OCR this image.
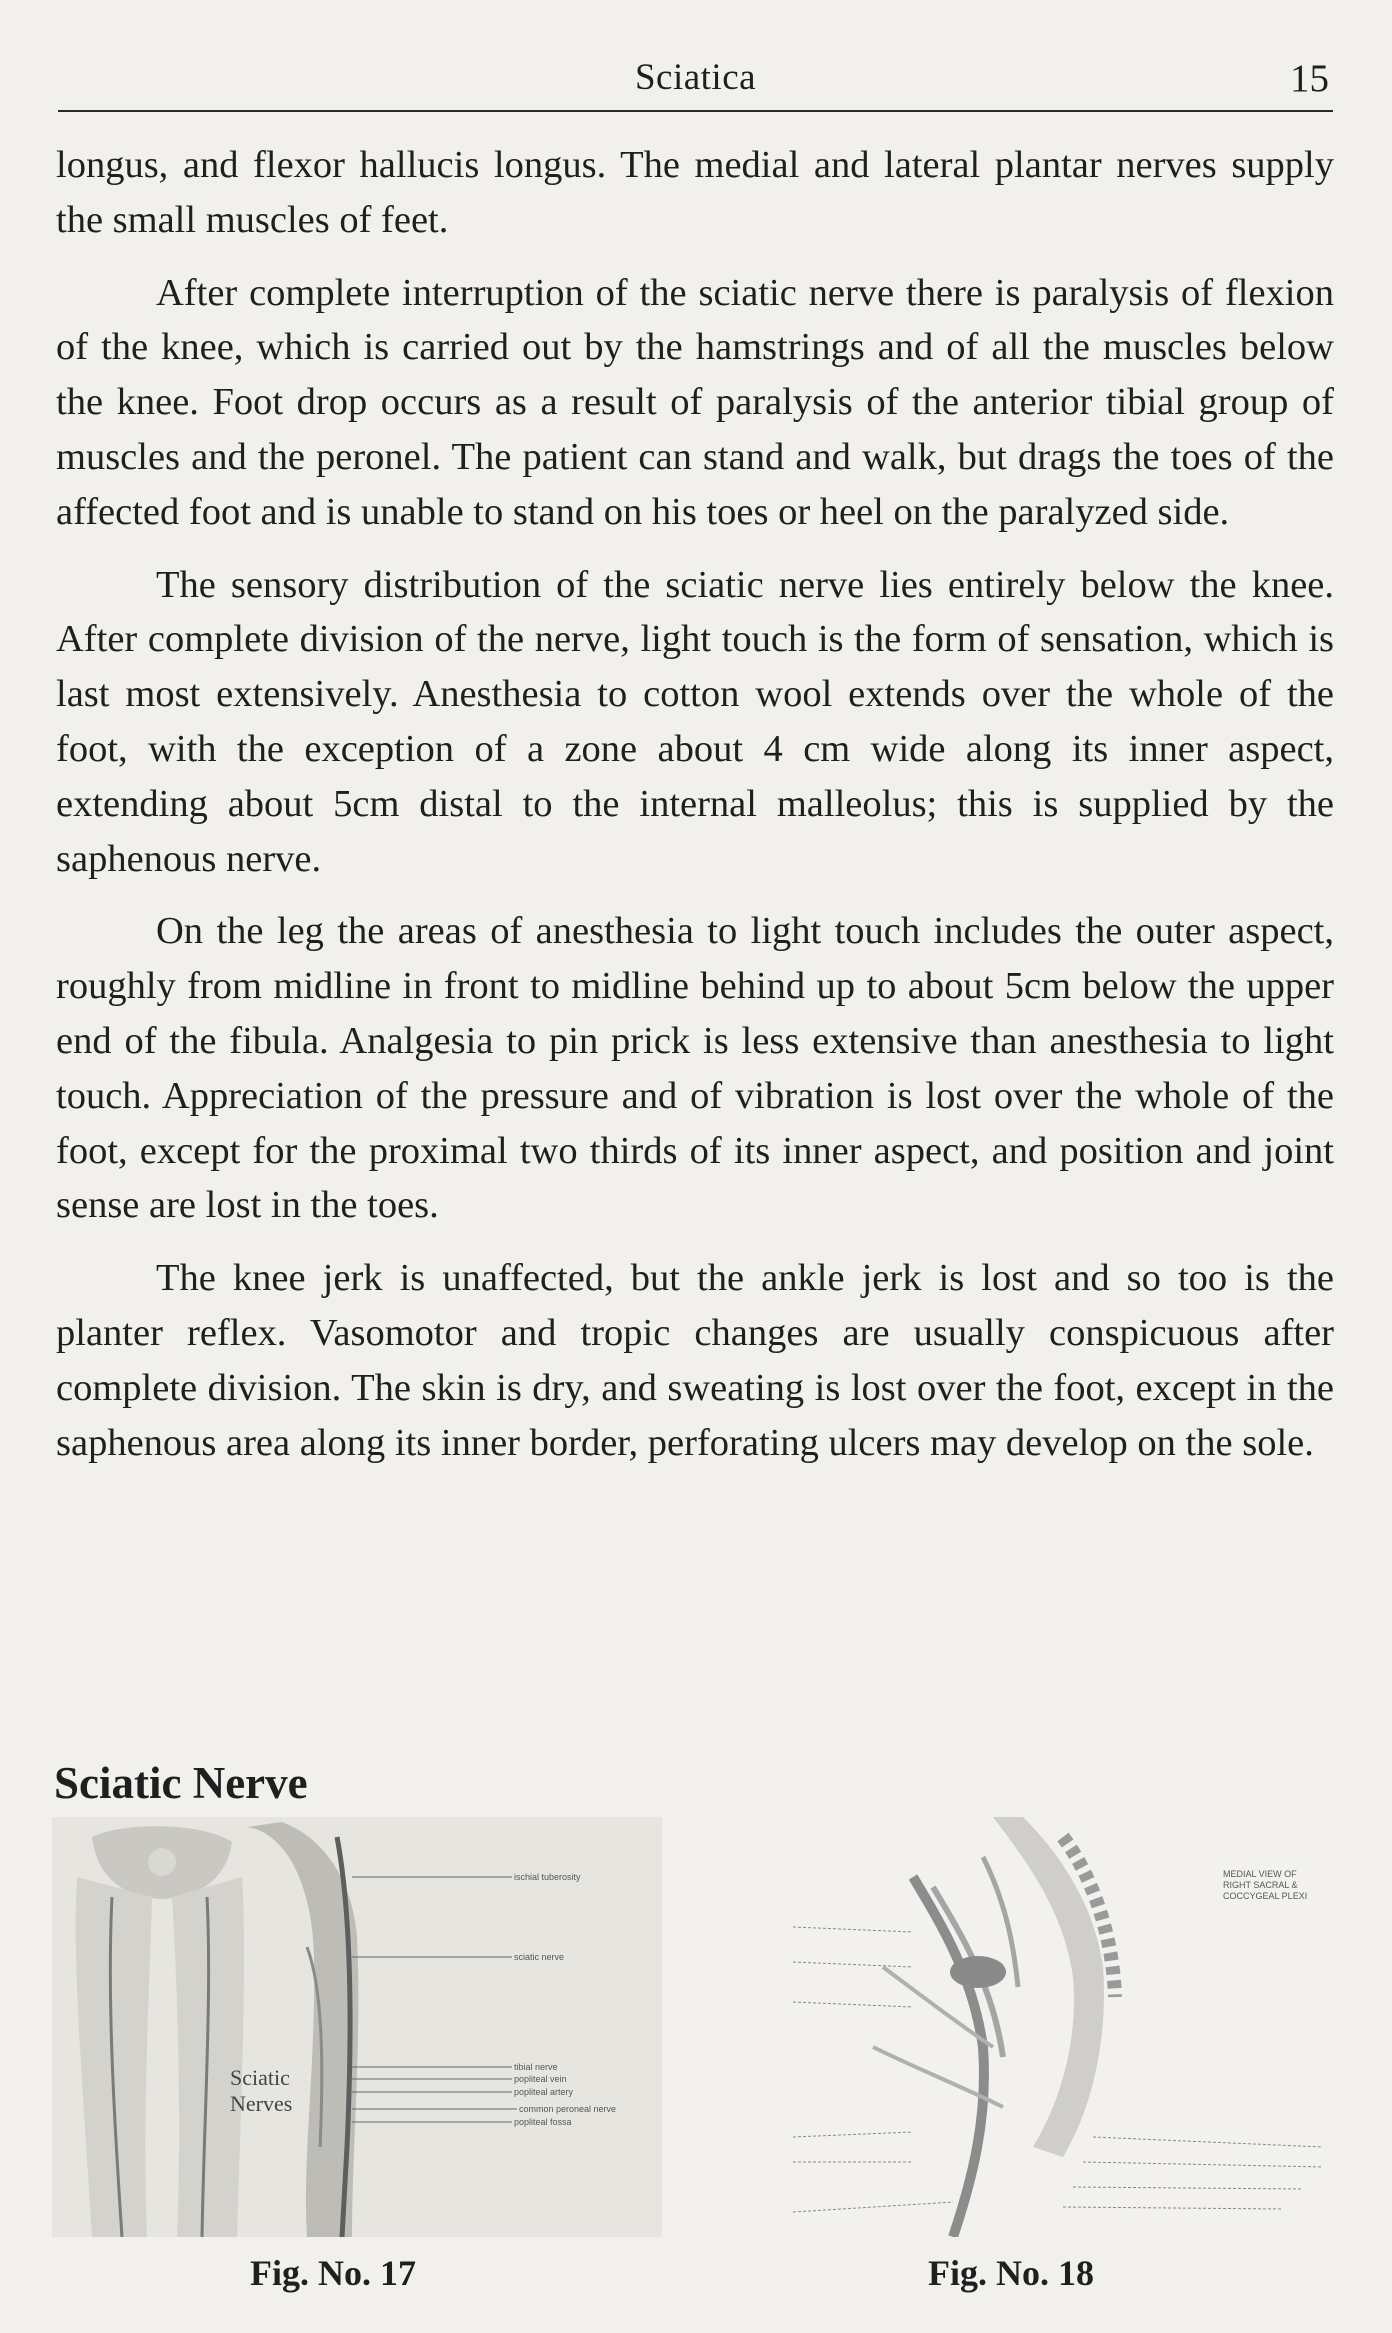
Sciatica	15

longus, and flexor hallucis longus. The medial and lateral plantar nerves supply the small muscles of feet.

After complete interruption of the sciatic nerve there is paralysis of flexion of the knee, which is carried out by the hamstrings and of all the muscles below the knee. Foot drop occurs as a result of paralysis of the anterior tibial group of muscles and the peronel. The patient can stand and walk, but drags the toes of the affected foot and is unable to stand on his toes or heel on the paralyzed side.

The sensory distribution of the sciatic nerve lies entirely below the knee. After complete division of the nerve, light touch is the form of sensation, which is last most extensively. Anesthesia to cotton wool extends over the whole of the foot, with the exception of a zone about 4 cm wide along its inner aspect, extending about 5cm distal to the internal malleolus; this is supplied by the saphenous nerve.

On the leg the areas of anesthesia to light touch includes the outer aspect, roughly from midline in front to midline behind up to about 5cm below the upper end of the fibula. Analgesia to pin prick is less extensive than anesthesia to light touch. Appreciation of the pressure and of vibration is lost over the whole of the foot, except for the proximal two thirds of its inner aspect, and position and joint sense are lost in the toes.

The knee jerk is unaffected, but the ankle jerk is lost and so too is the planter reflex. Vasomotor and tropic changes are usually conspicuous after complete division. The skin is dry, and sweating is lost over the foot, except in the saphenous area along its inner border, perforating ulcers may develop on the sole.

Sciatic Nerve
ischial tuberosity
sciatic nerve
tibial nerve
popliteal vein
popliteal artery
common peroneal nerve
popliteal fossa
Sciatic
Nerves
MEDIAL VIEW OF
RIGHT SACRAL &
COCCYGEAL PLEXI
Fig. No. 17	Fig. No. 18
